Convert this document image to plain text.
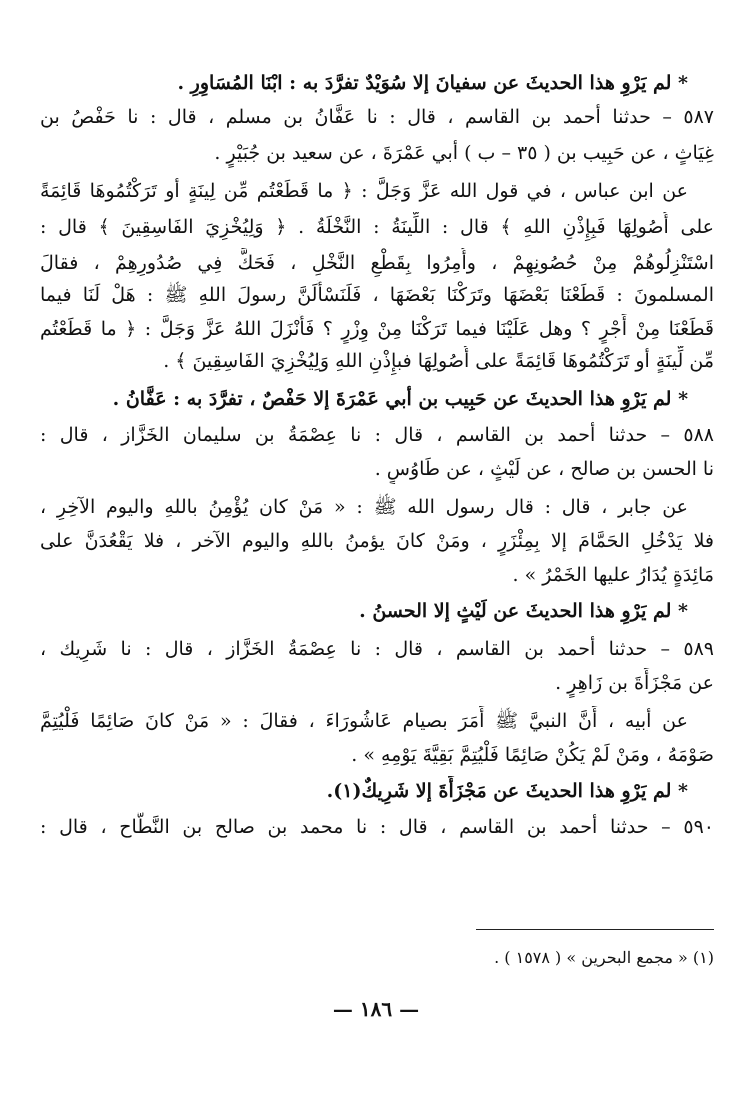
* لم يَرْوِ هذا الحديثَ عن سفيانَ إلا سُوَيْدٌ تفرَّدَ به : ابْنَا المُسَاوِرِ .
٥٨٧ – حدثنا أحمد بن القاسم ، قال : نا عَفَّانُ بن مسلم ، قال : نا حَفْصُ بن
غِيَاثٍ ، عن حَبِيب بن ( ٣٥ – ب ) أبي عَمْرَةَ ، عن سعيد بن جُبَيْرٍ .
عن ابن عباس ، في قول الله عَزَّ وَجَلَّ : ﴿ ما قَطَعْتُم مِّن لِينَةٍ أو تَرَكْتُمُوهَا قَائِمَةً
على أُصُولِهَا فَبِإِذْنِ اللهِ ﴾ قال : اللِّينَةُ : النَّخْلَةُ . ﴿ وَلِيُخْزِيَ الفَاسِقِينَ ﴾ قال :
اسْتَنْزِلُوهُمْ مِنْ حُصُونِهِمْ ، وأُمِرُوا بِقَطْعِ النَّخْلِ ، فَحَكَّ فِي صُدُورِهِمْ ، فقالَ
المسلمونَ : قَطَعْنَا بَعْضَهَا وتَرَكْنَا بَعْضَهَا ، فَلَنَسْأَلَنَّ رسولَ اللهِ ﷺ : هَلْ لَنَا فيما
قَطَعْنَا مِنْ أَجْرٍ ؟ وهل عَلَيْنَا فيما تَرَكْنَا مِنْ وِزْرٍ ؟ فَأَنْزَلَ اللهُ عَزَّ وَجَلَّ : ﴿ ما قَطَعْتُم
مِّن لِّينَةٍ أو تَرَكْتُمُوهَا قَائِمَةً على أُصُولِهَا فبإِذْنِ اللهِ وَلِيُخْزِيَ الفَاسِقِينَ ﴾ .
* لم يَرْوِ هذا الحديثَ عن حَبِيب بن أبي عَمْرَةَ إلا حَفْصٌ ، تفرَّدَ به : عَفَّانُ .
٥٨٨ – حدثنا أحمد بن القاسم ، قال : نا عِصْمَةُ بن سليمان الخَزَّاز ، قال :
نا الحسن بن صالح ، عن لَيْثٍ ، عن طَاوُسٍ .
عن جابر ، قال : قال رسول الله ﷺ : « مَنْ كان يُؤْمِنُ باللهِ واليوم الآخِرِ ،
فلا يَدْخُلِ الحَمَّامَ إلا بِمِئْزَرٍ ، ومَنْ كانَ يؤمنُ باللهِ واليوم الآخر ، فلا يَقْعُدَنَّ على
مَائِدَةٍ يُدَارُ عليها الخَمْرُ » .
* لم يَرْوِ هذا الحديثَ عن لَيْثٍ إلا الحسنُ .
٥٨٩ – حدثنا أحمد بن القاسم ، قال : نا عِصْمَةُ الخَزَّاز ، قال : نا شَرِيك ،
عن مَجْزَأَةَ بن زَاهِرٍ .
عن أبيه ، أَنَّ النبيَّ ﷺ أَمَرَ بصيام عَاشُورَاءَ ، فقالَ : « مَنْ كانَ صَائِمًا فَلْيُتِمَّ
صَوْمَهُ ، ومَنْ لَمْ يَكُنْ صَائِمًا فَلْيُتِمَّ بَقِيَّةَ يَوْمِهِ » .
* لم يَرْوِ هذا الحديثَ عن مَجْزَأَةَ إلا شَرِيكٌ(١).
٥٩٠ – حدثنا أحمد بن القاسم ، قال : نا محمد بن صالح بن النَّطَّاح ، قال :
(١) « مجمع البحرين » ( ١٥٧٨ ) .
— ١٨٦ —
